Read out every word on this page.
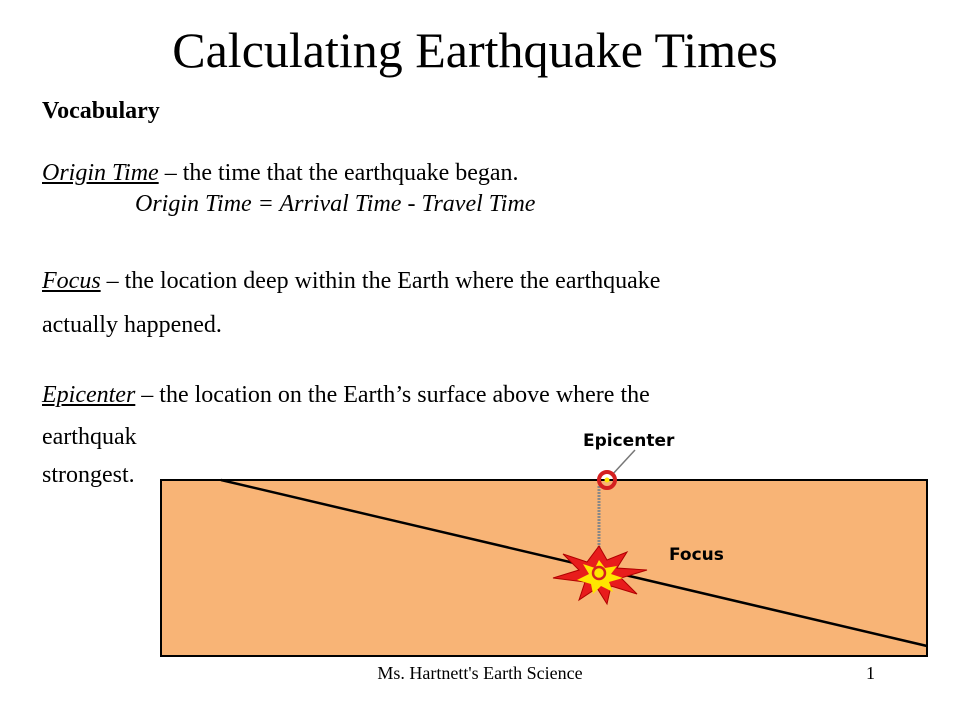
Calculating Earthquake Times
Vocabulary
Origin Time – the time that the earthquake began.
Origin Time = Arrival Time - Travel Time
Focus – the location deep within the Earth where the earthquake
actually happened.
Epicenter – the location on the Earth’s surface above where the
earthquak
strongest.
Epicenter
Focus
Ms. Hartnett's Earth Science	1
